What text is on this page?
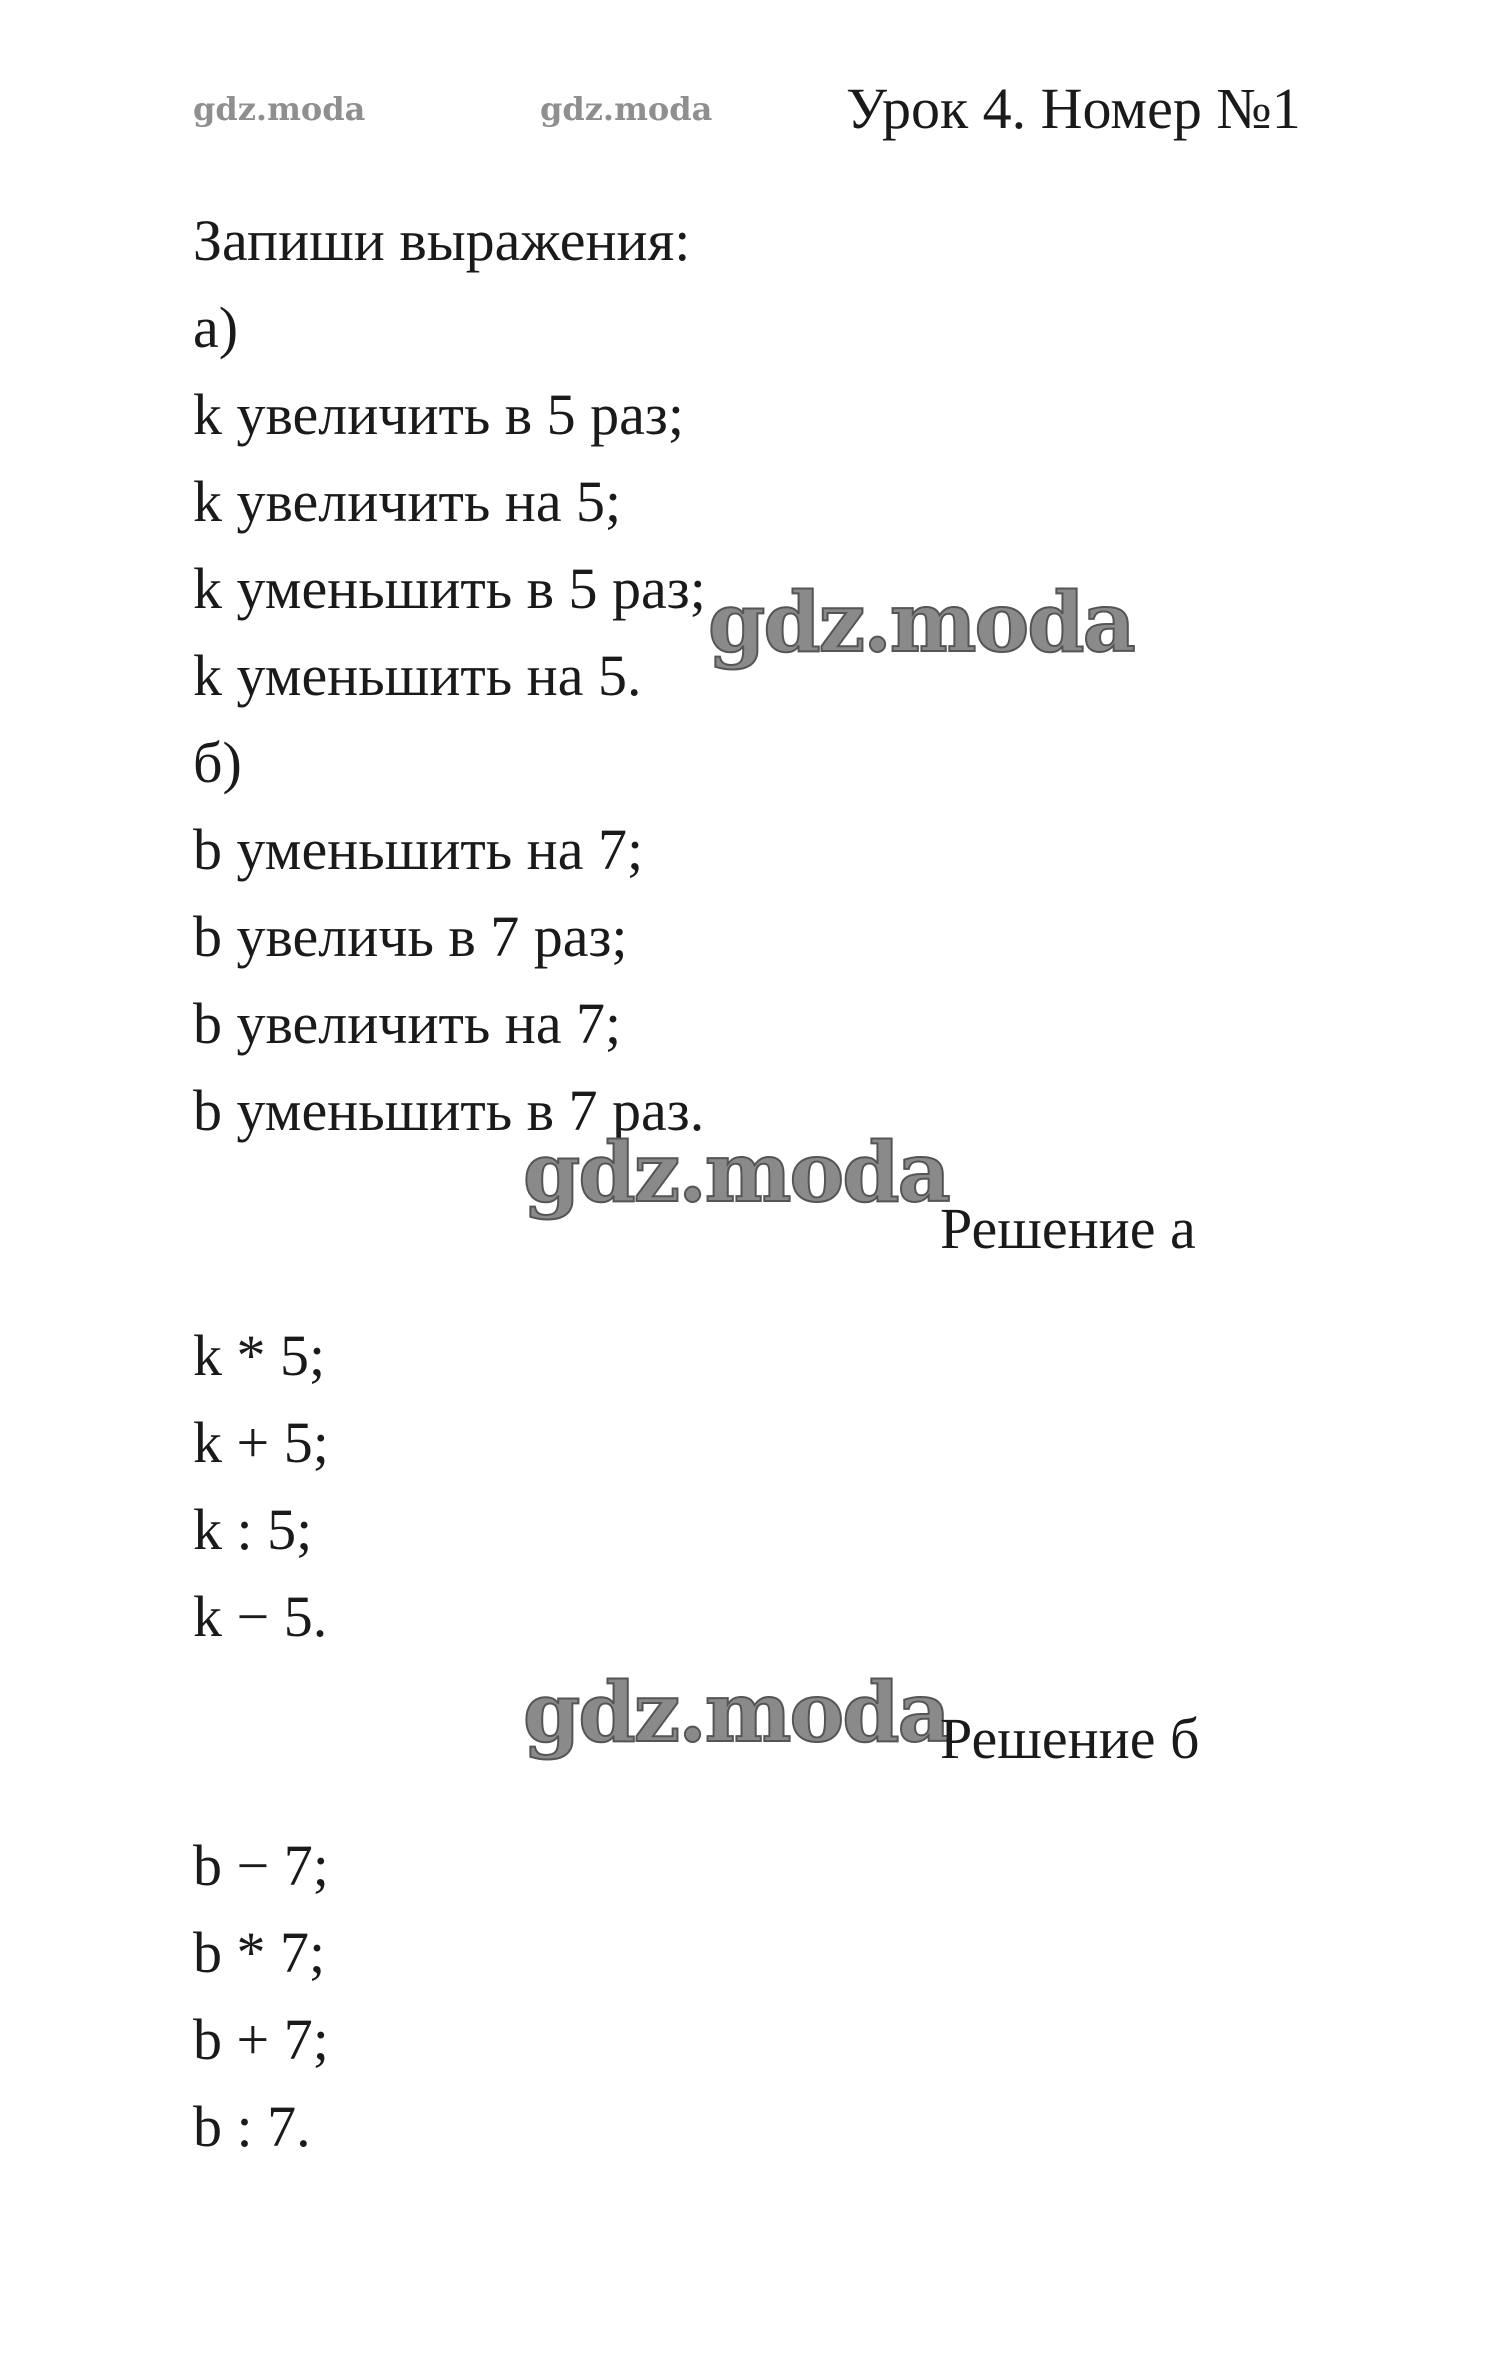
gdz.moda	gdz.moda Урок 4. Номер №1
Запиши выражения:
а)
k увеличить в 5 раз;
k увеличить на 5;
k уменьшить в 5 раз;
k уменьшить на 5.
б)
b уменьшить на 7;
b увеличь в 7 раз;
b увеличить на 7;
b уменьшить в 7 раз.
gdz.moda
gdz.moda
gdz.moda
Решение а
k * 5;
k + 5;
k : 5;
k − 5.
Решение б
b − 7;
b * 7;
b + 7;
b : 7.
